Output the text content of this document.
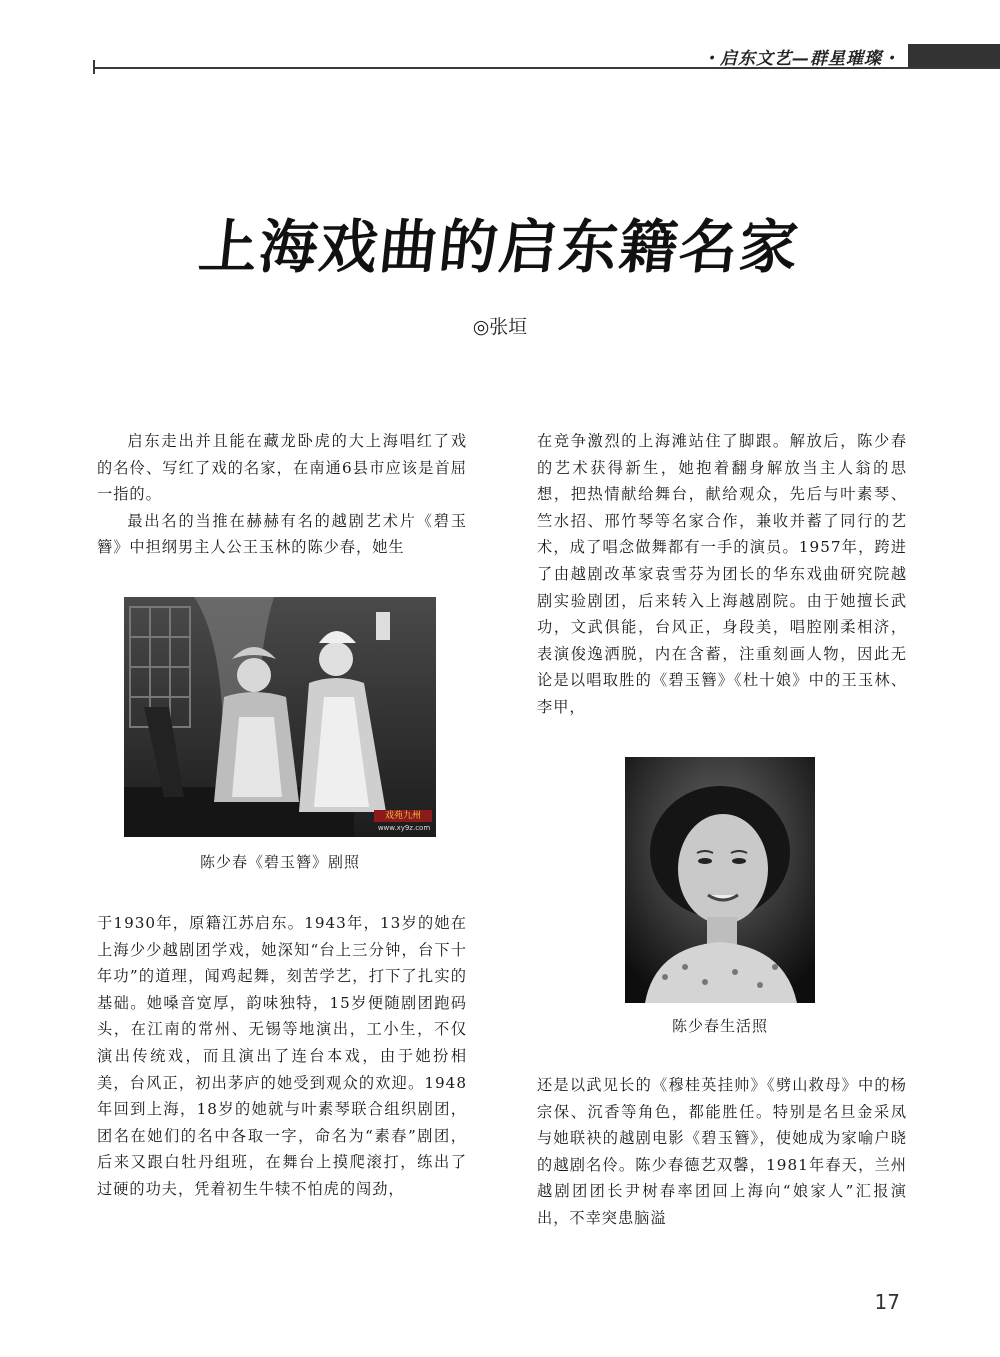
・启东文艺—群星璀璨・
上海戏曲的启东籍名家
◎张垣

启东走出并且能在藏龙卧虎的大上海唱红了戏的名伶、写红了戏的名家，在南通6县市应该是首屈一指的。

最出名的当推在赫赫有名的越剧艺术片《碧玉簪》中担纲男主人公王玉林的陈少春，她生

戏苑九州
www.xy9z.com
陈少春《碧玉簪》剧照

于1930年，原籍江苏启东。1943年，13岁的她在上海少少越剧团学戏，她深知“台上三分钟，台下十年功”的道理，闻鸡起舞，刻苦学艺，打下了扎实的基础。她嗓音宽厚，韵味独特，15岁便随剧团跑码头，在江南的常州、无锡等地演出，工小生，不仅演出传统戏，而且演出了连台本戏，由于她扮相美，台风正，初出茅庐的她受到观众的欢迎。1948年回到上海，18岁的她就与叶素琴联合组织剧团，团名在她们的名中各取一字，命名为“素春”剧团，后来又跟白牡丹组班，在舞台上摸爬滚打，练出了过硬的功夫，凭着初生牛犊不怕虎的闯劲，

在竞争激烈的上海滩站住了脚跟。解放后，陈少春的艺术获得新生，她抱着翻身解放当主人翁的思想，把热情献给舞台，献给观众，先后与叶素琴、竺水招、邢竹琴等名家合作，兼收并蓄了同行的艺术，成了唱念做舞都有一手的演员。1957年，跨进了由越剧改革家袁雪芬为团长的华东戏曲研究院越剧实验剧团，后来转入上海越剧院。由于她擅长武功，文武俱能，台风正，身段美，唱腔刚柔相济，表演俊逸洒脱，内在含蓄，注重刻画人物，因此无论是以唱取胜的《碧玉簪》《杜十娘》中的王玉林、李甲，

陈少春生活照

还是以武见长的《穆桂英挂帅》《劈山救母》中的杨宗保、沉香等角色，都能胜任。特别是名旦金采凤与她联袂的越剧电影《碧玉簪》，使她成为家喻户晓的越剧名伶。陈少春德艺双馨，1981年春天，兰州越剧团团长尹树春率团回上海向“娘家人”汇报演出，不幸突患脑溢

17
